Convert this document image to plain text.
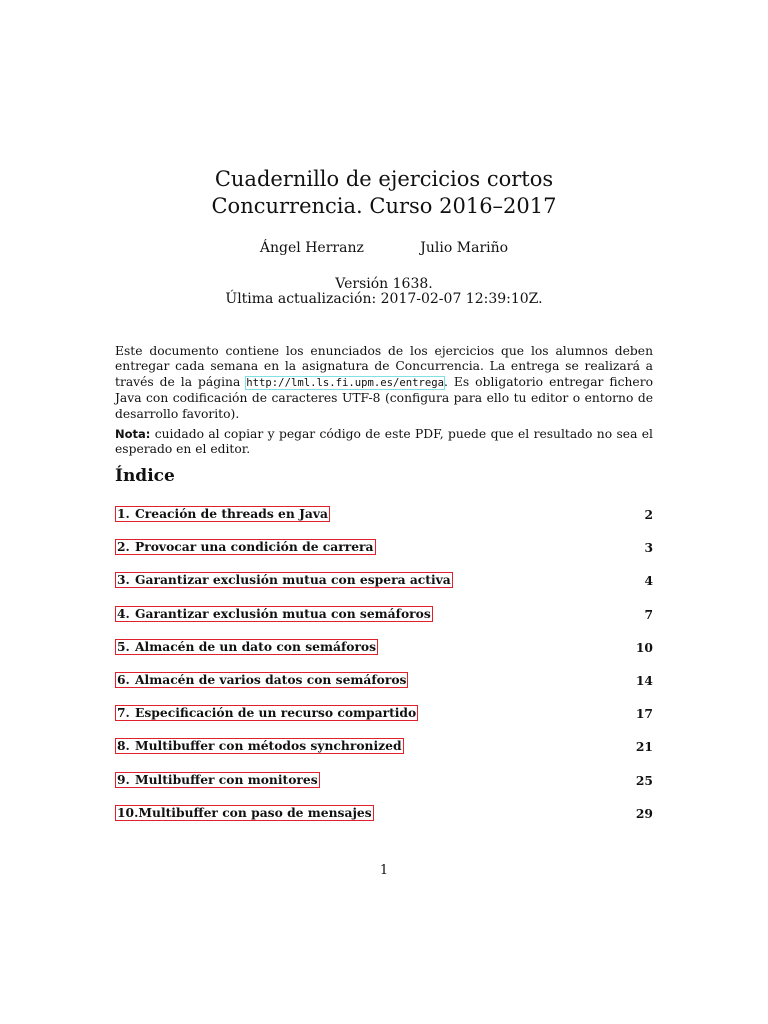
Cuadernillo de ejercicios cortos
Concurrencia. Curso 2016–2017
Ángel Herranz	Julio Mariño
Versión 1638.
Última actualización: 2017-02-07 12:39:10Z.

Este documento contiene los enunciados de los ejercicios que los alumnos deben entregar cada semana en la asignatura de Concurrencia. La entrega se realizará a través de la página http://lml.ls.fi.upm.es/entrega. Es obligatorio entregar fichero Java con codificación de caracteres UTF-8 (configura para ello tu editor o entorno de desarrollo favorito).

Nota: cuidado al copiar y pegar código de este PDF, puede que el resultado no sea el esperado en el editor.

Índice
1. Creación de threads en Java	2
2. Provocar una condición de carrera	3
3. Garantizar exclusión mutua con espera activa	4
4. Garantizar exclusión mutua con semáforos	7
5. Almacén de un dato con semáforos	10
6. Almacén de varios datos con semáforos	14
7. Especificación de un recurso compartido	17
8. Multibuffer con métodos synchronized	21
9. Multibuffer con monitores	25
10.Multibuffer con paso de mensajes	29
1
